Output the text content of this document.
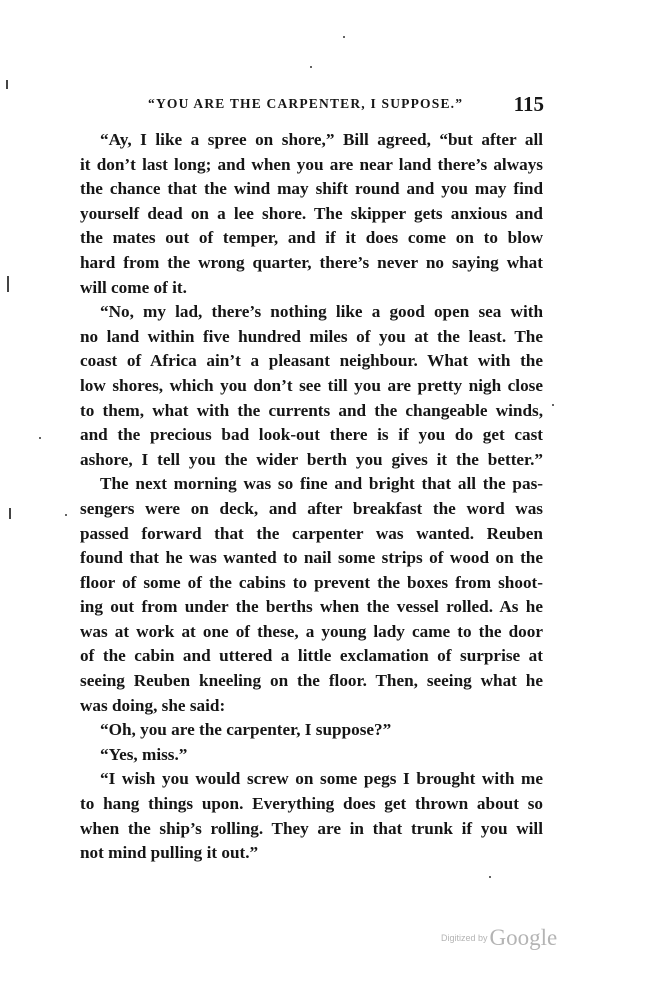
“YOU ARE THE CARPENTER, I SUPPOSE.” 115
“Ay, I like a spree on shore,” Bill agreed, “but after all
it don’t last long; and when you are near land there’s always
the chance that the wind may shift round and you may find
yourself dead on a lee shore. The skipper gets anxious and
the mates out of temper, and if it does come on to blow
hard from the wrong quarter, there’s never no saying what
will come of it.
“No, my lad, there’s nothing like a good open sea with
no land within five hundred miles of you at the least. The
coast of Africa ain’t a pleasant neighbour. What with the
low shores, which you don’t see till you are pretty nigh close
to them, what with the currents and the changeable winds,
and the precious bad look-out there is if you do get cast
ashore, I tell you the wider berth you gives it the better.”
The next morning was so fine and bright that all the pas-
sengers were on deck, and after breakfast the word was
passed forward that the carpenter was wanted. Reuben
found that he was wanted to nail some strips of wood on the
floor of some of the cabins to prevent the boxes from shoot-
ing out from under the berths when the vessel rolled. As he
was at work at one of these, a young lady came to the door
of the cabin and uttered a little exclamation of surprise at
seeing Reuben kneeling on the floor. Then, seeing what he
was doing, she said:
“Oh, you are the carpenter, I suppose?”
“Yes, miss.”
“I wish you would screw on some pegs I brought with me
to hang things upon. Everything does get thrown about so
when the ship’s rolling. They are in that trunk if you will
not mind pulling it out.”
Digitized byGoogle
